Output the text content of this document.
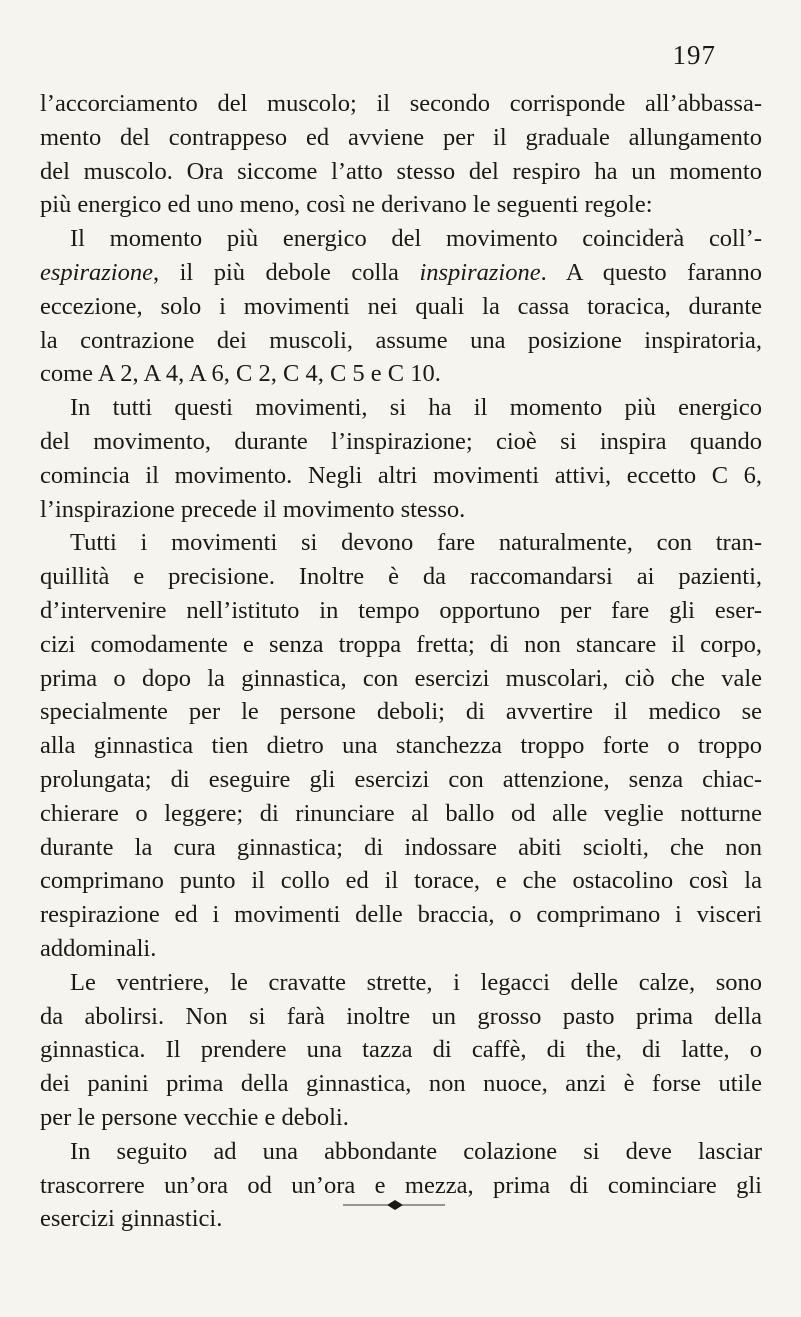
197
l’accorciamento del muscolo; il secondo corrisponde all’abbassa-
mento del contrappeso ed avviene per il graduale allungamento
del muscolo. Ora siccome l’atto stesso del respiro ha un momento
più energico ed uno meno, così ne derivano le seguenti regole:
Il momento più energico del movimento coinciderà coll’-
espirazione, il più debole colla inspirazione. A questo faranno
eccezione, solo i movimenti nei quali la cassa toracica, durante
la contrazione dei muscoli, assume una posizione inspiratoria,
come A 2, A 4, A 6, C 2, C 4, C 5 e C 10.
In tutti questi movimenti, si ha il momento più energico
del movimento, durante l’inspirazione; cioè si inspira quando
comincia il movimento. Negli altri movimenti attivi, eccetto C 6,
l’inspirazione precede il movimento stesso.
Tutti i movimenti si devono fare naturalmente, con tran-
quillità e precisione. Inoltre è da raccomandarsi ai pazienti,
d’intervenire nell’istituto in tempo opportuno per fare gli eser-
cizi comodamente e senza troppa fretta; di non stancare il corpo,
prima o dopo la ginnastica, con esercizi muscolari, ciò che vale
specialmente per le persone deboli; di avvertire il medico se
alla ginnastica tien dietro una stanchezza troppo forte o troppo
prolungata; di eseguire gli esercizi con attenzione, senza chiac-
chierare o leggere; di rinunciare al ballo od alle veglie notturne
durante la cura ginnastica; di indossare abiti sciolti, che non
comprimano punto il collo ed il torace, e che ostacolino così la
respirazione ed i movimenti delle braccia, o comprimano i visceri
addominali.
Le ventriere, le cravatte strette, i legacci delle calze, sono
da abolirsi. Non si farà inoltre un grosso pasto prima della
ginnastica. Il prendere una tazza di caffè, di the, di latte, o
dei panini prima della ginnastica, non nuoce, anzi è forse utile
per le persone vecchie e deboli.
In seguito ad una abbondante colazione si deve lasciar
trascorrere un’ora od un’ora e mezza, prima di cominciare gli
esercizi ginnastici.
